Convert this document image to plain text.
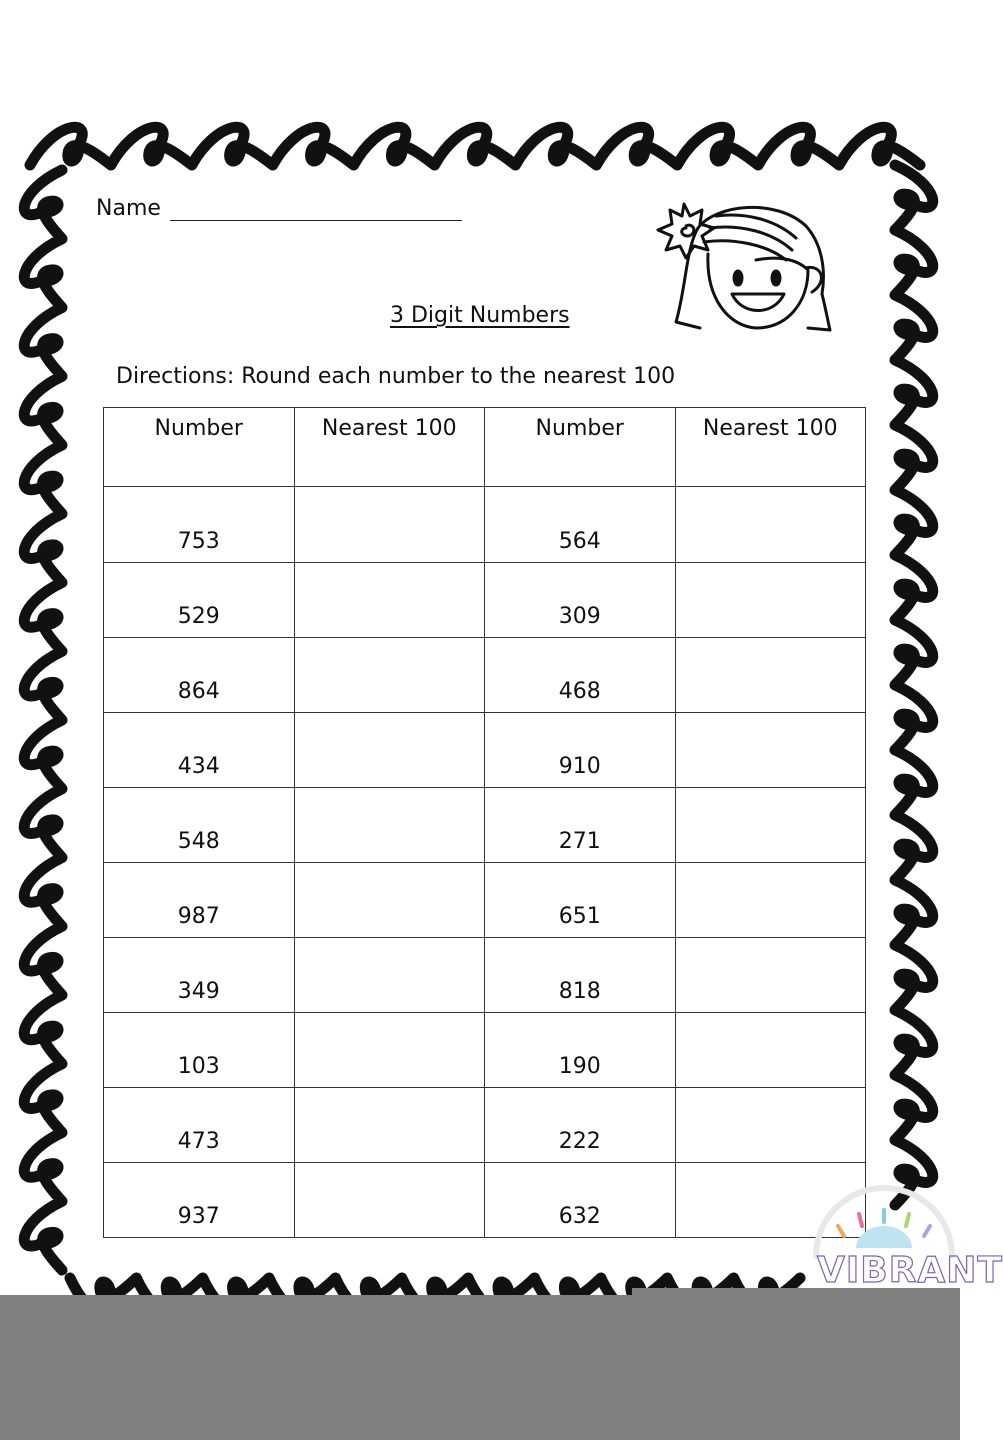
Name
3 Digit Numbers
Directions: Round each number to the nearest 100
Number	Nearest 100	Number	Nearest 100
753		564	
529		309	
864		468	
434		910	
548		271	
987		651	
349		818	
103		190	
473		222	
937		632	
VIBRANT
